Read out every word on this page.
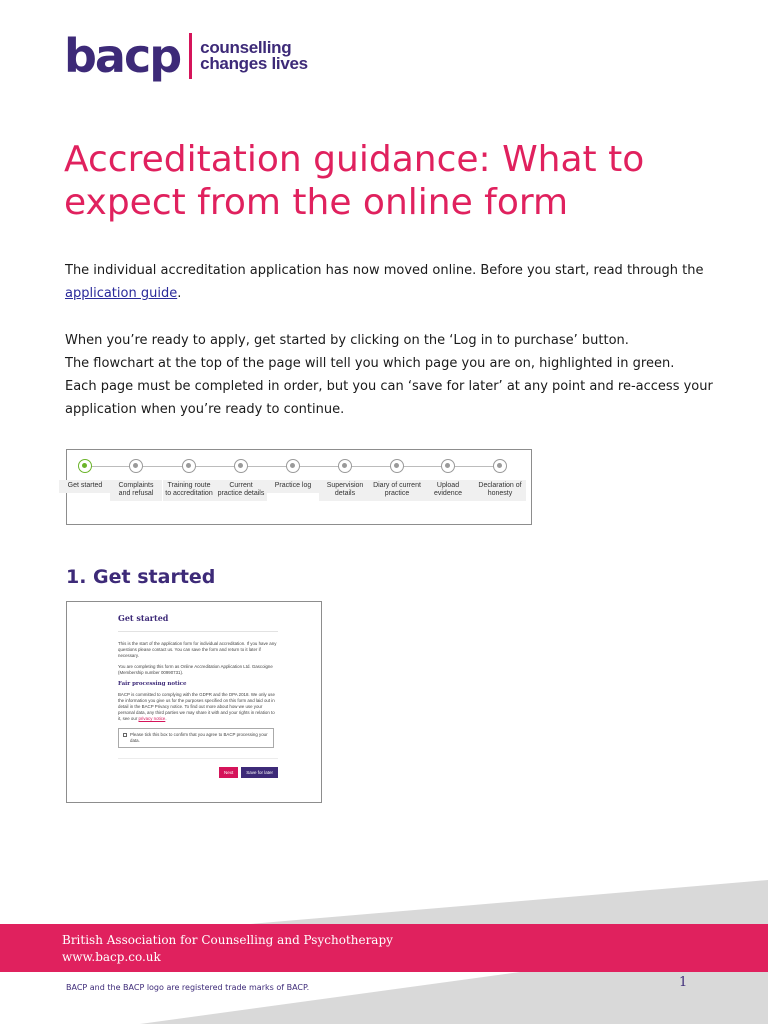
bacp counselling
changes lives
Accreditation guidance: What to expect from the online form

The individual accreditation application has now moved online. Before you start, read through the application guide.

When you’re ready to apply, get started by clicking on the ‘Log in to purchase’ button.
The flowchart at the top of the page will tell you which page you are on, highlighted in green.
Each page must be completed in order, but you can ‘save for later’ at any point and re-access your application when you’re ready to continue.
Get started	Complaints and refusal
Training route to accreditation
Current practice details
Practice log	Supervision details
Diary of current practice
Upload evidence
Declaration of honesty
1. Get started
Get started
This is the start of the application form for individual accreditation. If you have any questions please contact us. You can save the form and return to it later if necessary.
You are completing this form as Online Accreditation Application Ltd. Gascoigne (Membership number 00990731).
Fair processing notice
BACP is committed to complying with the GDPR and the DPA 2018. We only use the information you give us for the purposes specified on this form and laid out in detail in the BACP Privacy notice. To find out more about how we use your personal data, any third parties we may share it with and your rights in relation to it, see our privacy notice.
Please tick this box to confirm that you agree to BACP processing your data.
Next	Save for later
British Association for Counselling and Psychotherapy
www.bacp.co.uk
BACP and the BACP logo are registered trade marks of BACP.	1
